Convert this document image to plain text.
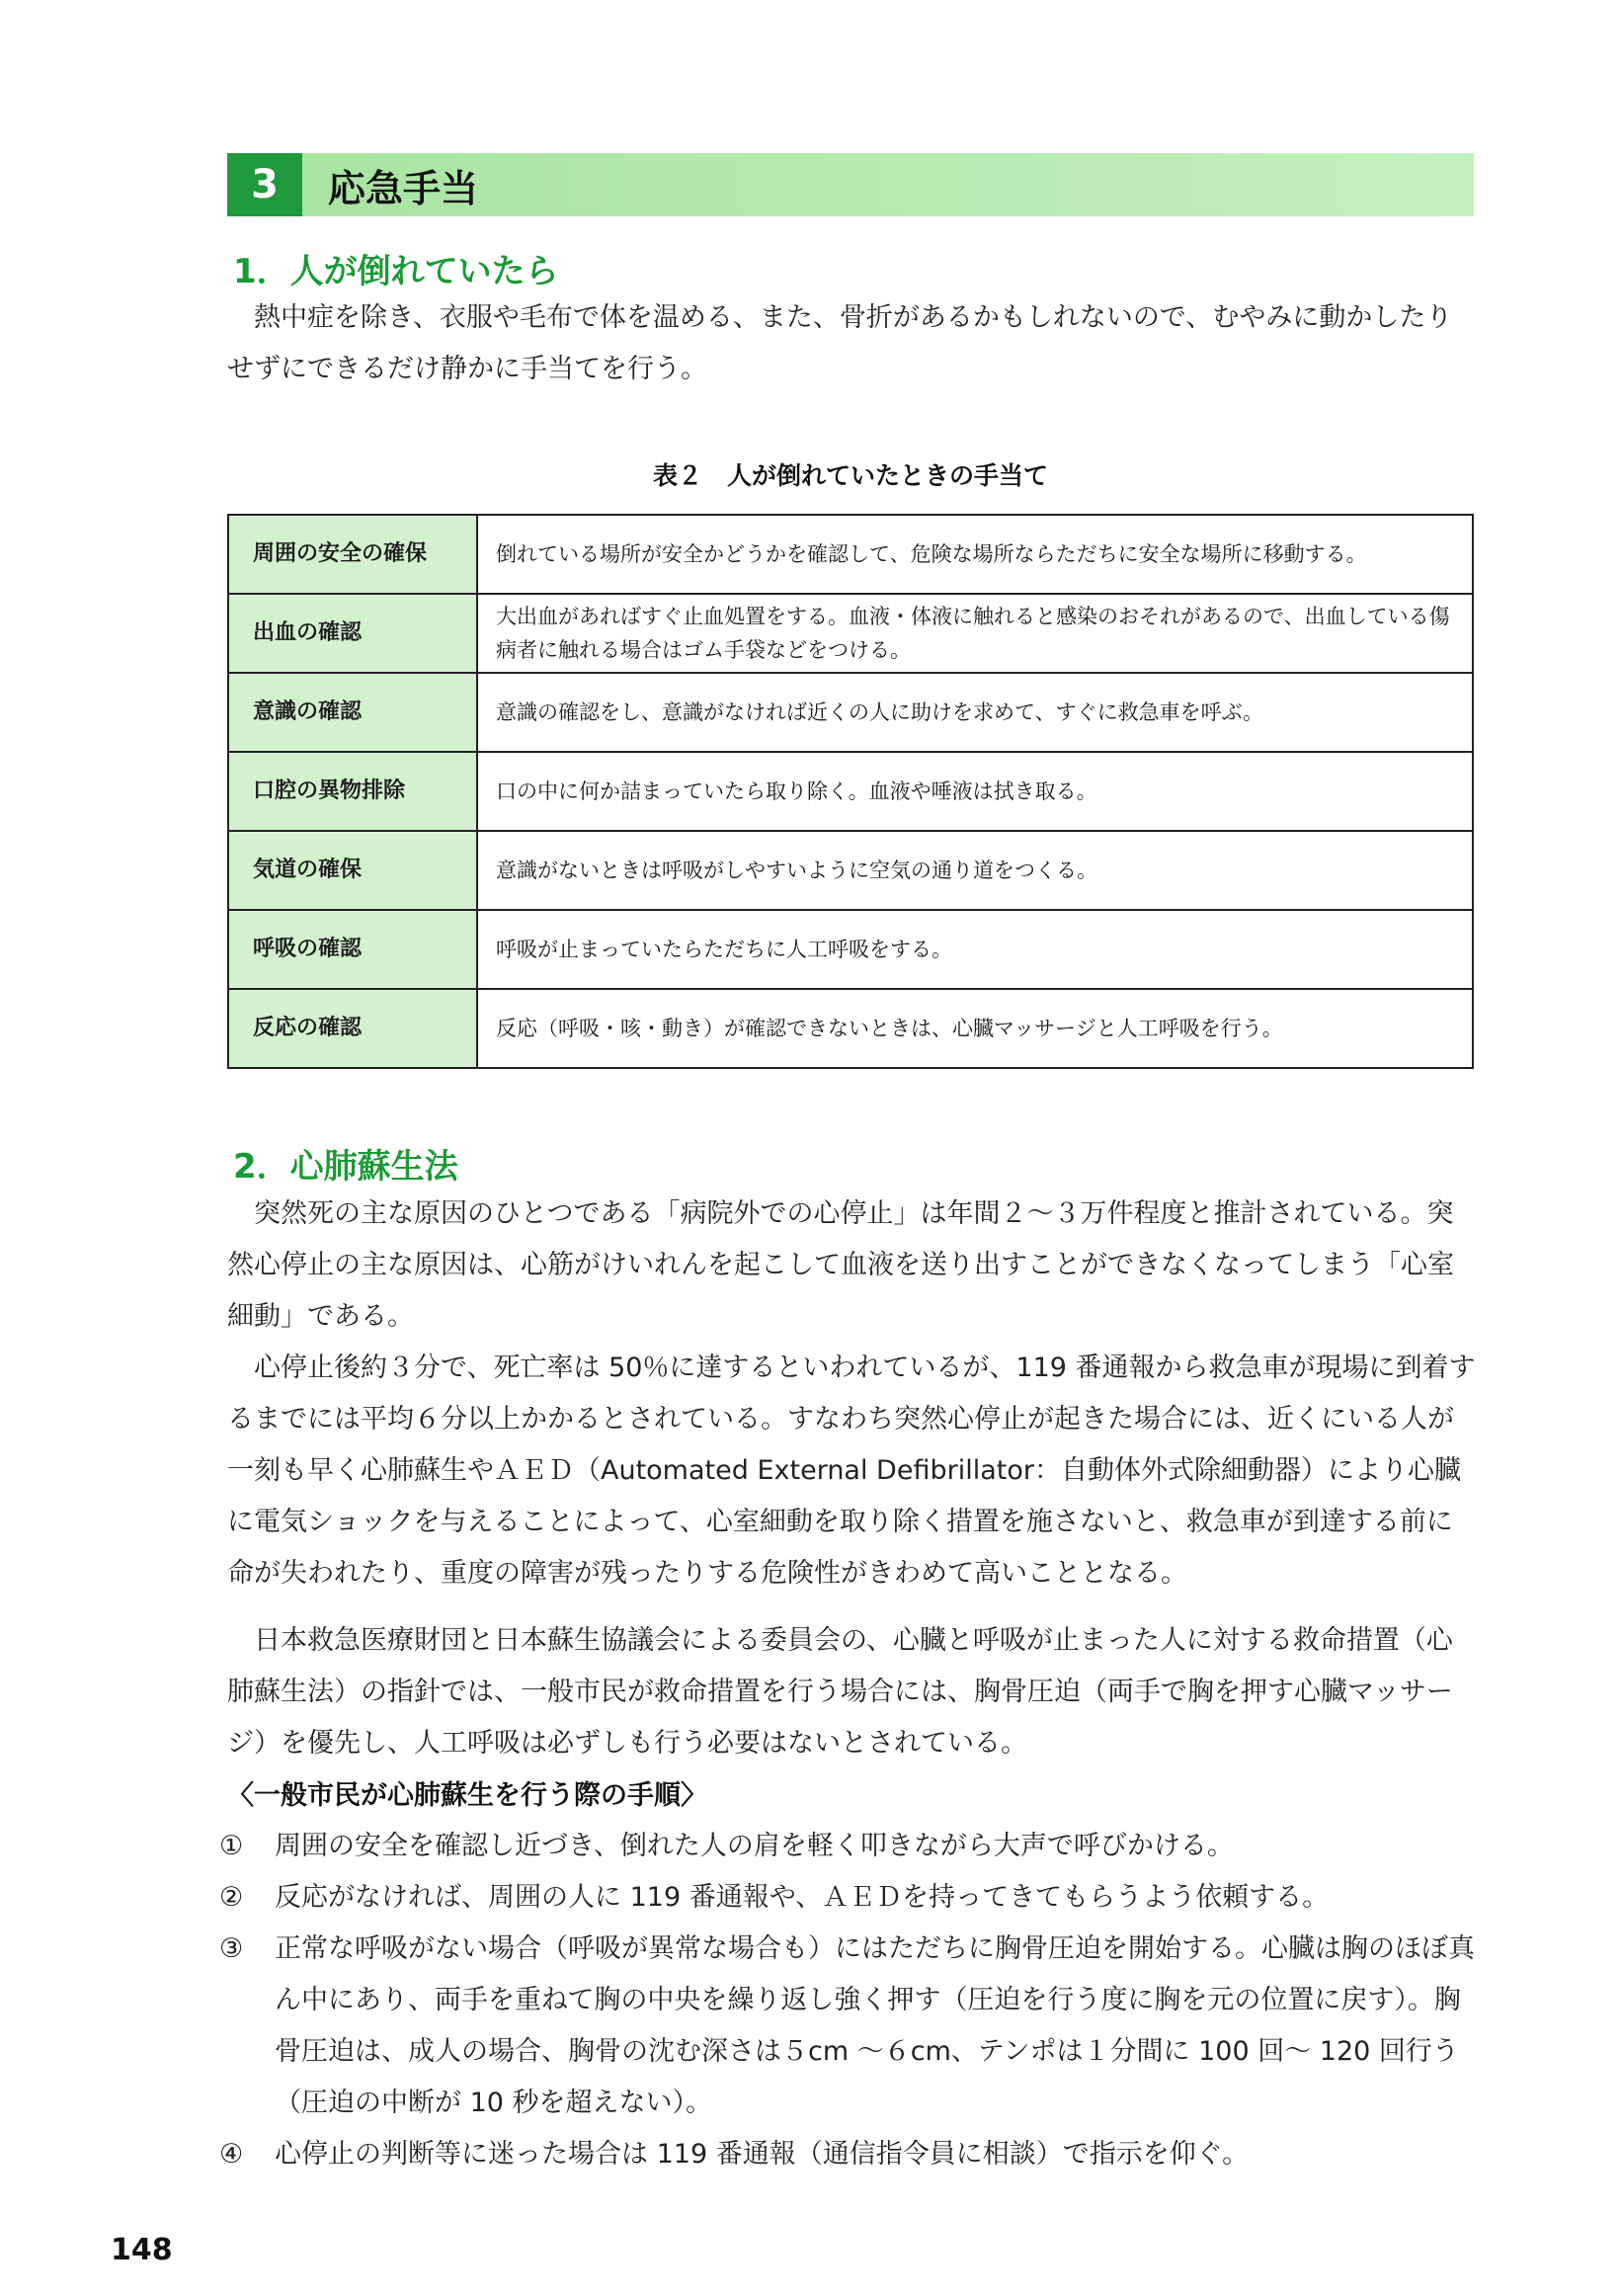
3	応急手当
1．人が倒れていたら

熱中症を除き、衣服や毛布で体を温める、また、骨折があるかもしれないので、むやみに動かしたりせずにできるだけ静かに手当てを行う。

表２　人が倒れていたときの手当て
周囲の安全の確保	倒れている場所が安全かどうかを確認して、危険な場所ならただちに安全な場所に移動する。
出血の確認	大出血があればすぐ止血処置をする。血液・体液に触れると感染のおそれがあるので、出血している傷病者に触れる場合はゴム手袋などをつける。
意識の確認	意識の確認をし、意識がなければ近くの人に助けを求めて、すぐに救急車を呼ぶ。
口腔の異物排除	口の中に何か詰まっていたら取り除く。血液や唾液は拭き取る。
気道の確保	意識がないときは呼吸がしやすいように空気の通り道をつくる。
呼吸の確認	呼吸が止まっていたらただちに人工呼吸をする。
反応の確認	反応（呼吸・咳・動き）が確認できないときは、心臓マッサージと人工呼吸を行う。
2．心肺蘇生法

突然死の主な原因のひとつである「病院外での心停止」は年間２～３万件程度と推計されている。突然心停止の主な原因は、心筋がけいれんを起こして血液を送り出すことができなくなってしまう「心室細動」である。

心停止後約３分で、死亡率は 50％に達するといわれているが、119 番通報から救急車が現場に到着するまでには平均６分以上かかるとされている。すなわち突然心停止が起きた場合には、近くにいる人が一刻も早く心肺蘇生やＡＥＤ（Automated External Defibrillator：自動体外式除細動器）により心臓に電気ショックを与えることによって、心室細動を取り除く措置を施さないと、救急車が到達する前に命が失われたり、重度の障害が残ったりする危険性がきわめて高いこととなる。

日本救急医療財団と日本蘇生協議会による委員会の、心臓と呼吸が止まった人に対する救命措置（心肺蘇生法）の指針では、一般市民が救命措置を行う場合には、胸骨圧迫（両手で胸を押す心臓マッサージ）を優先し、人工呼吸は必ずしも行う必要はないとされている。

〈一般市民が心肺蘇生を行う際の手順〉
①	周囲の安全を確認し近づき、倒れた人の肩を軽く叩きながら大声で呼びかける。
②	反応がなければ、周囲の人に 119 番通報や、ＡＥＤを持ってきてもらうよう依頼する。
③	正常な呼吸がない場合（呼吸が異常な場合も）にはただちに胸骨圧迫を開始する。心臓は胸のほぼ真ん中にあり、両手を重ねて胸の中央を繰り返し強く押す（圧迫を行う度に胸を元の位置に戻す）。胸骨圧迫は、成人の場合、胸骨の沈む深さは５cm ～６cm、テンポは１分間に 100 回～ 120 回行う（圧迫の中断が 10 秒を超えない）。
④	心停止の判断等に迷った場合は 119 番通報（通信指令員に相談）で指示を仰ぐ。
148
